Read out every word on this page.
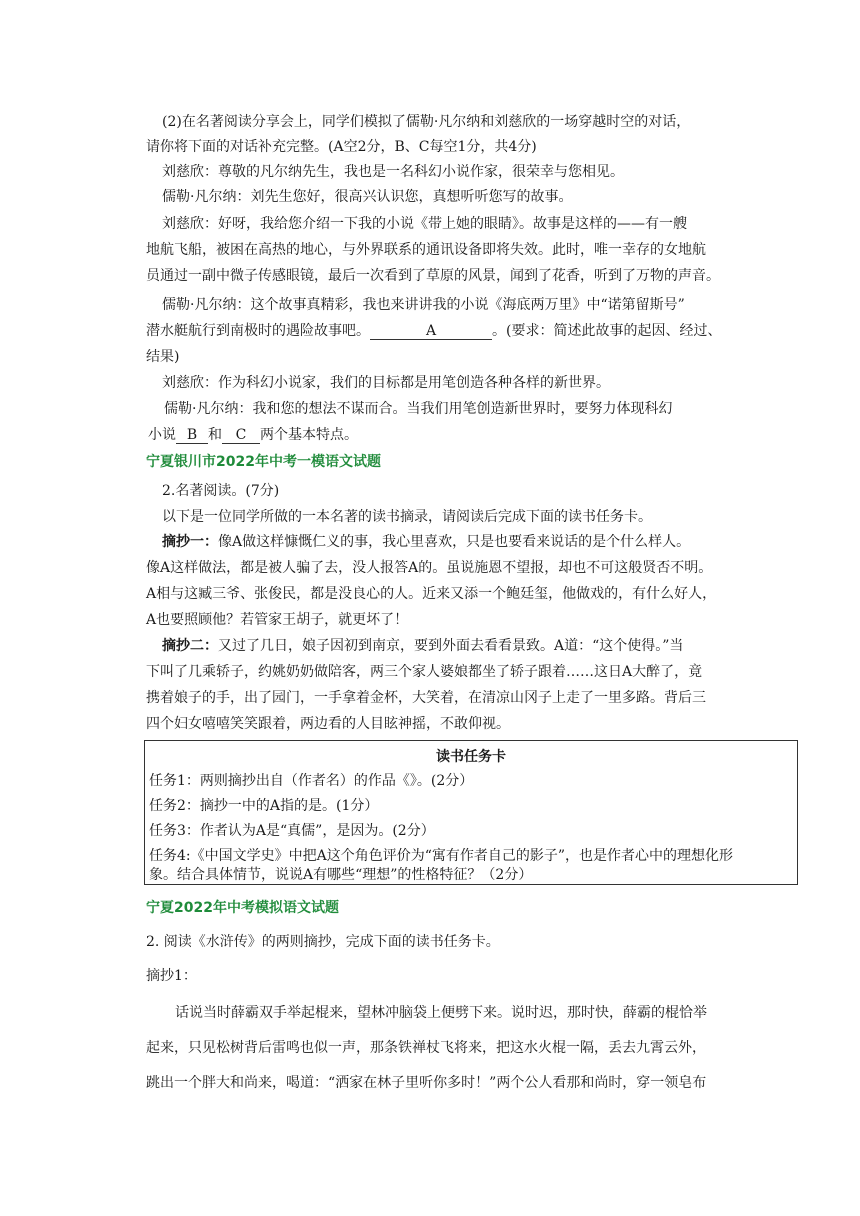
(2)在名著阅读分享会上，同学们模拟了儒勒·凡尔纳和刘慈欣的一场穿越时空的对话，
请你将下面的对话补充完整。(A空2分，B、C每空1分，共4分)
刘慈欣：尊敬的凡尔纳先生，我也是一名科幻小说作家，很荣幸与您相见。
儒勒·凡尔纳：刘先生您好，很高兴认识您，真想听听您写的故事。
刘慈欣：好呀，我给您介绍一下我的小说《带上她的眼睛》。故事是这样的——有一艘
地航飞船，被困在高热的地心，与外界联系的通讯设备即将失效。此时，唯一幸存的女地航
员通过一副中微子传感眼镜，最后一次看到了草原的风景，闻到了花香，听到了万物的声音。
儒勒·凡尔纳：这个故事真精彩，我也来讲讲我的小说《海底两万里》中“诺第留斯号”
潜水艇航行到南极时的遇险故事吧。	A	。(要求：简述此故事的起因、经过、
结果)
刘慈欣：作为科幻小说家，我们的目标都是用笔创造各种各样的新世界。
儒勒·凡尔纳：我和您的想法不谋而合。当我们用笔创造新世界时，要努力体现科幻
小说 B 和 C 两个基本特点。
宁夏银川市2022年中考一模语文试题
2.名著阅读。(7分)
以下是一位同学所做的一本名著的读书摘录，请阅读后完成下面的读书任务卡。
摘抄一：像A做这样慷慨仁义的事，我心里喜欢，只是也要看来说话的是个什么样人。
像A这样做法，都是被人骗了去，没人报答A的。虽说施恩不望报，却也不可这般贤否不明。
A相与这臧三爷、张俊民，都是没良心的人。近来又添一个鲍廷玺，他做戏的，有什么好人，
A也要照顾他？若管家王胡子，就更坏了！
摘抄二：又过了几日，娘子因初到南京，要到外面去看看景致。A道：“这个使得。”当
下叫了几乘轿子，约姚奶奶做陪客，两三个家人婆娘都坐了轿子跟着……这日A大醉了，竟
携着娘子的手，出了园门，一手拿着金杯，大笑着，在清凉山冈子上走了一里多路。背后三
四个妇女嘻嘻笑笑跟着，两边看的人目眩神摇，不敢仰视。
读书任务卡
任务1：两则摘抄出自（作者名）的作品《》。(2分）
任务2：摘抄一中的A指的是。(1分）
任务3：作者认为A是“真儒”，是因为。(2分）
任务4:《中国文学史》中把A这个角色评价为“寓有作者自己的影子”，也是作者心中的理想化形
象。结合具体情节，说说A有哪些“理想”的性格特征？（2分）
宁夏2022年中考模拟语文试题
2. 阅读《水浒传》的两则摘抄，完成下面的读书任务卡。
摘抄1：
话说当时薛霸双手举起棍来，望林冲脑袋上便劈下来。说时迟，那时快，薛霸的棍恰举
起来，只见松树背后雷鸣也似一声，那条铁禅杖飞将来，把这水火棍一隔，丢去九霄云外，
跳出一个胖大和尚来，喝道：“洒家在林子里听你多时！”两个公人看那和尚时，穿一领皂布
